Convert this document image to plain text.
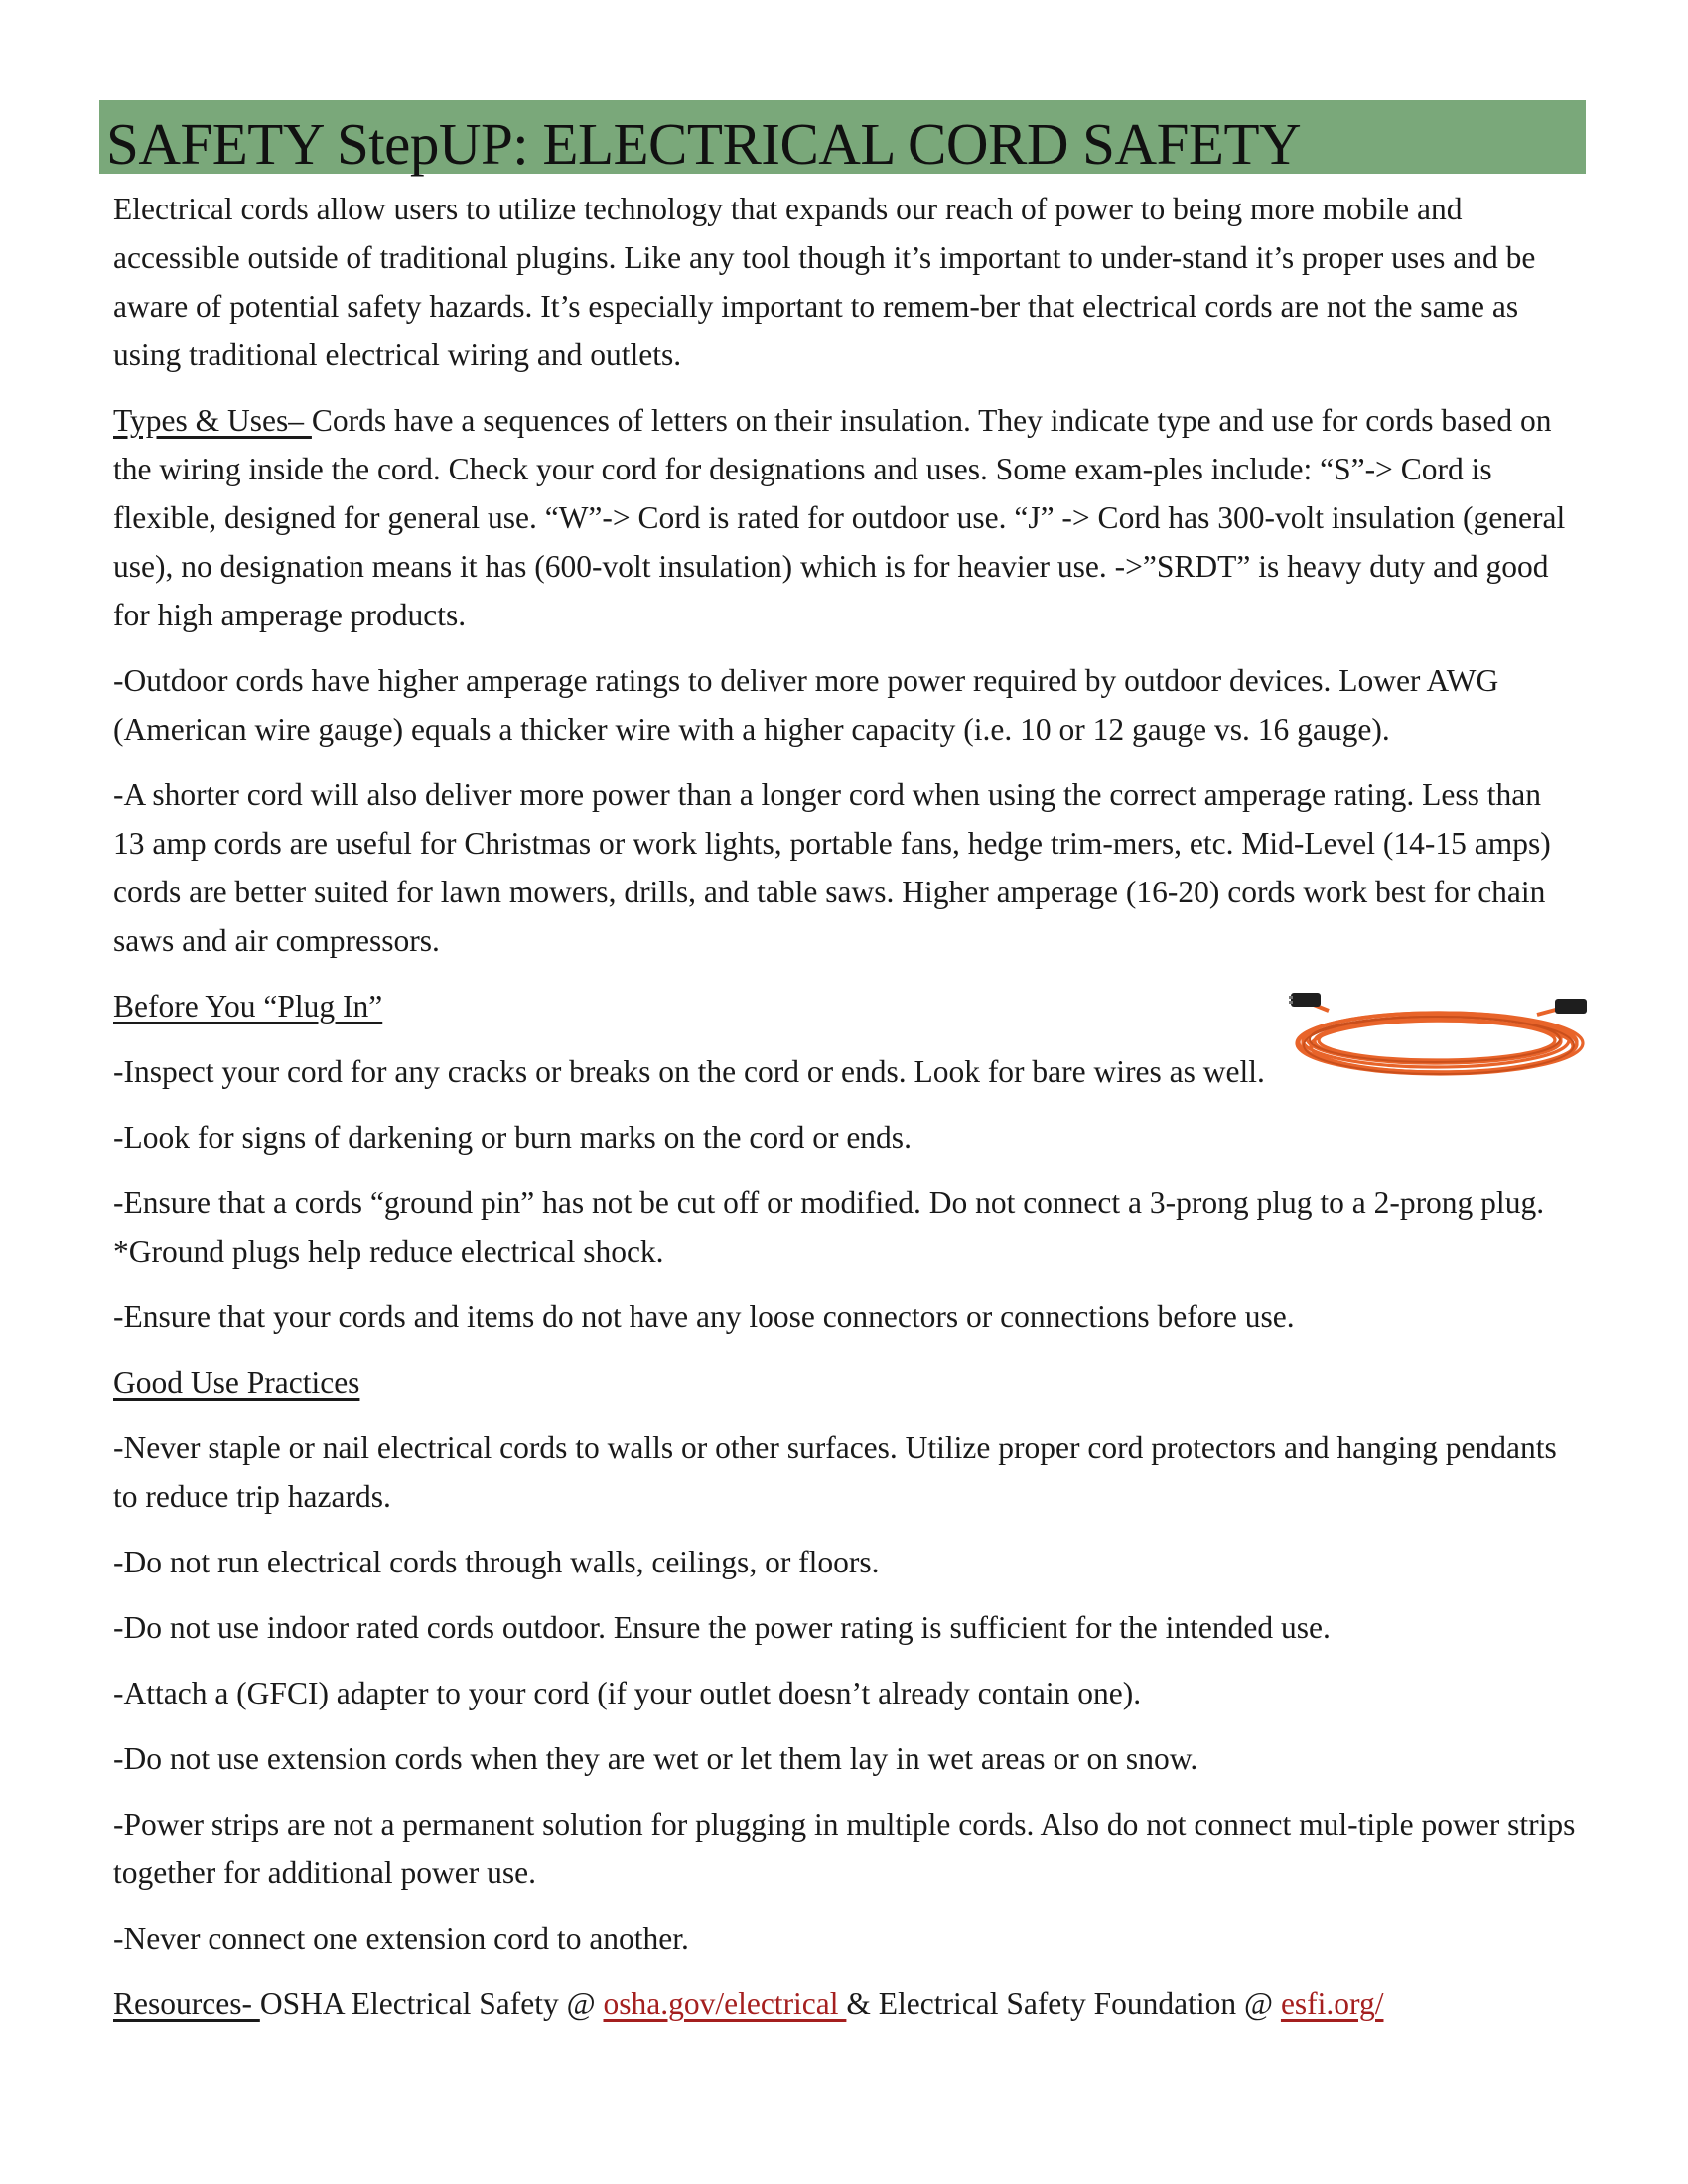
SAFETY StepUP: ELECTRICAL CORD SAFETY

Electrical cords allow users to utilize technology that expands our reach of power to being more mobile and accessible outside of traditional plugins. Like any tool though it’s important to under-stand it’s proper uses and be aware of potential safety hazards. It’s especially important to remem-ber that electrical cords are not the same as using traditional electrical wiring and outlets.

Types & Uses– Cords have a sequences of letters on their insulation. They indicate type and use for cords based on the wiring inside the cord. Check your cord for designations and uses. Some exam-ples include: “S”-> Cord is flexible, designed for general use. “W”-> Cord is rated for outdoor use. “J” -> Cord has 300-volt insulation (general use), no designation means it has (600-volt insulation) which is for heavier use. ->”SRDT” is heavy duty and good for high amperage products.

-Outdoor cords have higher amperage ratings to deliver more power required by outdoor devices. Lower AWG (American wire gauge) equals a thicker wire with a higher capacity (i.e. 10 or 12 gauge vs. 16 gauge).

-A shorter cord will also deliver more power than a longer cord when using the correct amperage rating. Less than 13 amp cords are useful for Christmas or work lights, portable fans, hedge trim-mers, etc. Mid-Level (14-15 amps) cords are better suited for lawn mowers, drills, and table saws. Higher amperage (16-20) cords work best for chain saws and air compressors.

Before You “Plug In”

-Inspect your cord for any cracks or breaks on the cord or ends. Look for bare wires as well.

-Look for signs of darkening or burn marks on the cord or ends.

-Ensure that a cords “ground pin” has not be cut off or modified. Do not connect a 3-prong plug to a 2-prong plug. *Ground plugs help reduce electrical shock.

-Ensure that your cords and items do not have any loose connectors or connections before use.

Good Use Practices

-Never staple or nail electrical cords to walls or other surfaces. Utilize proper cord protectors and hanging pendants to reduce trip hazards.

-Do not run electrical cords through walls, ceilings, or floors.

-Do not use indoor rated cords outdoor. Ensure the power rating is sufficient for the intended use.

-Attach a (GFCI) adapter to your cord (if your outlet doesn’t already contain one).

-Do not use extension cords when they are wet or let them lay in wet areas or on snow.

-Power strips are not a permanent solution for plugging in multiple cords. Also do not connect mul-tiple power strips together for additional power use.

-Never connect one extension cord to another.

Resources- OSHA Electrical Safety @ osha.gov/electrical & Electrical Safety Foundation @ esfi.org/
